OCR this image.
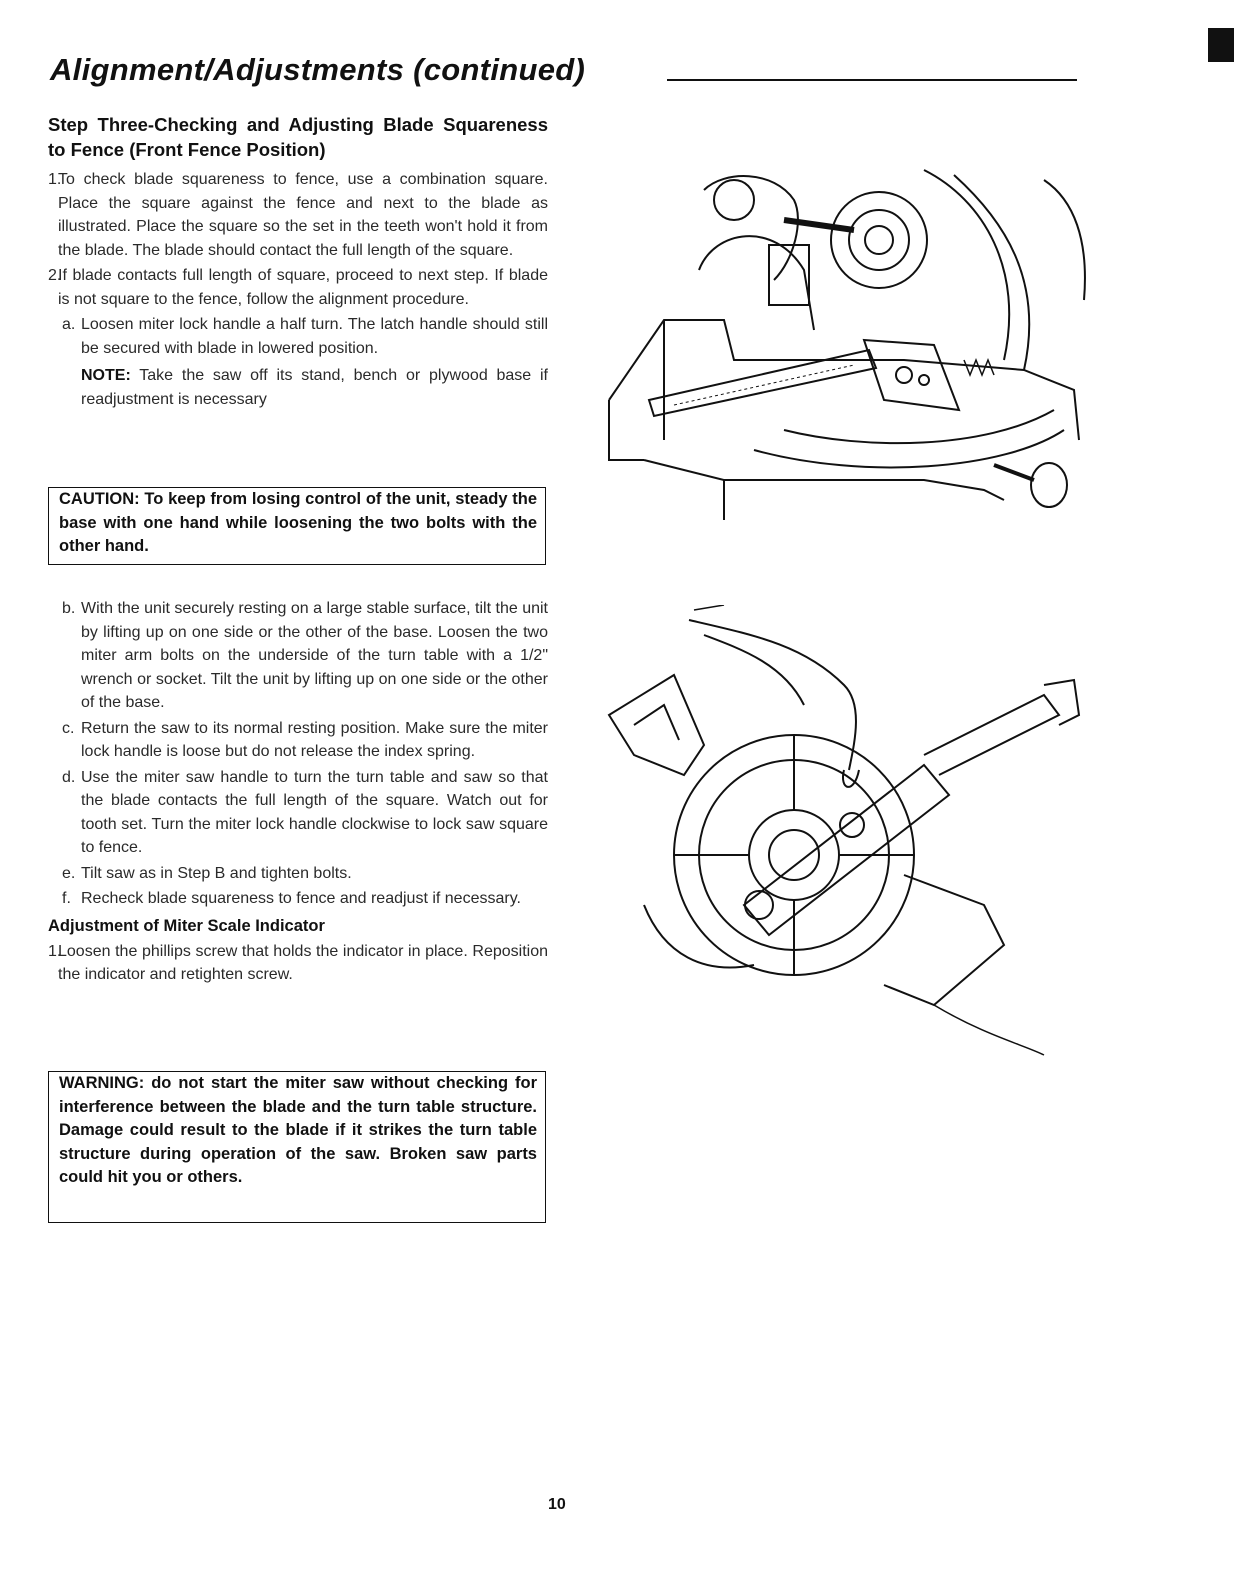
Alignment/Adjustments (continued)
Step Three-Checking and Adjusting Blade Squareness to Fence (Front Fence Position)
1.
To check blade squareness to fence, use a combination square. Place the square against the fence and next to the blade as illustrated. Place the square so the set in the teeth won't hold it from the blade. The blade should contact the full length of the square.
2.
If blade contacts full length of square, proceed to next step. If blade is not square to the fence, follow the alignment procedure.
a. Loosen miter lock handle a half turn. The latch handle should still be secured with blade in lowered position.

NOTE: Take the saw off its stand, bench or plywood base if readjustment is necessary

CAUTION: To keep from losing control of the unit, steady the base with one hand while loosening the two bolts with the other hand.
b. With the unit securely resting on a large stable surface, tilt the unit by lifting up on one side or the other of the base. Loosen the two miter arm bolts on the underside of the turn table with a 1/2" wrench or socket. Tilt the unit by lifting up on one side or the other of the base.
c. Return the saw to its normal resting position. Make sure the miter lock handle is loose but do not release the index spring.
d. Use the miter saw handle to turn the turn table and saw so that the blade contacts the full length of the square. Watch out for tooth set. Turn the miter lock handle clockwise to lock saw square to fence.
e. Tilt saw as in Step B and tighten bolts.
f. Recheck blade squareness to fence and readjust if necessary.
Adjustment of Miter Scale Indicator
1.
Loosen the phillips screw that holds the indicator in place. Reposition the indicator and retighten screw.
WARNING: do not start the miter saw without checking for interference between the blade and the turn table structure. Damage could result to the blade if it strikes the turn table structure during operation of the saw. Broken saw parts could hit you or others.
10
